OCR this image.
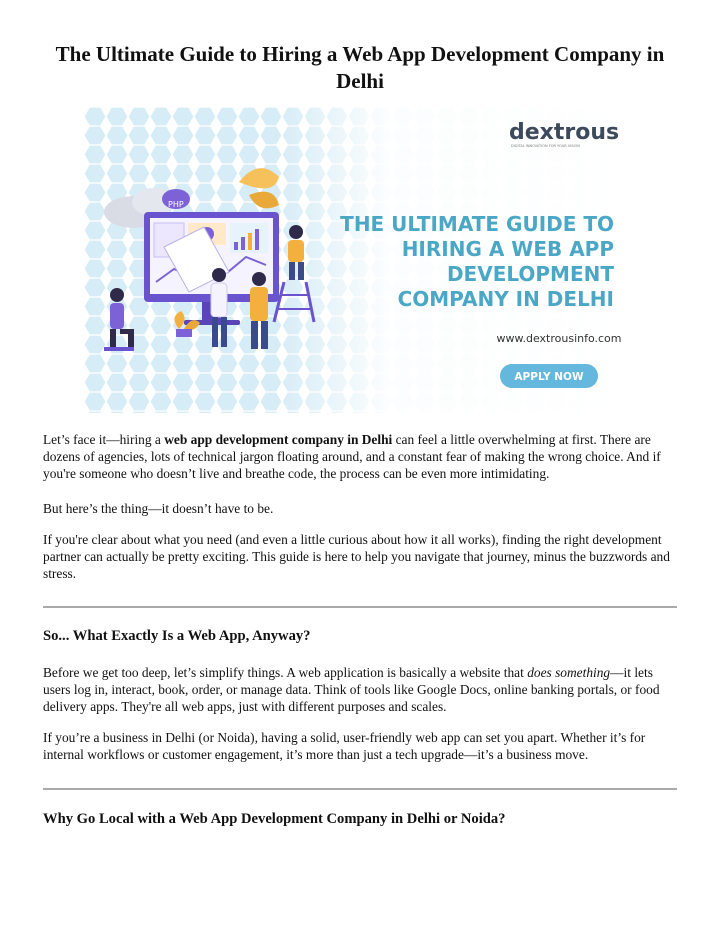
The Ultimate Guide to Hiring a Web App Development Company in Delhi
PHP
dextrous
DIGITAL INNOVATION FOR YOUR VISION
THE ULTIMATE GUIDE TO
HIRING A WEB APP
DEVELOPMENT
COMPANY IN DELHI
www.dextrousinfo.com
APPLY NOW

Let’s face it—hiring a web app development company in Delhi can feel a little overwhelming at first. There are dozens of agencies, lots of technical jargon floating around, and a constant fear of making the wrong choice. And if you're someone who doesn’t live and breathe code, the process can be even more intimidating.

But here’s the thing—it doesn’t have to be.

If you're clear about what you need (and even a little curious about how it all works), finding the right development partner can actually be pretty exciting. This guide is here to help you navigate that journey, minus the buzzwords and stress.

So... What Exactly Is a Web App, Anyway?

Before we get too deep, let’s simplify things. A web application is basically a website that does something—it lets users log in, interact, book, order, or manage data. Think of tools like Google Docs, online banking portals, or food delivery apps. They're all web apps, just with different purposes and scales.

If you’re a business in Delhi (or Noida), having a solid, user-friendly web app can set you apart. Whether it’s for internal workflows or customer engagement, it’s more than just a tech upgrade—it’s a business move.

Why Go Local with a Web App Development Company in Delhi or Noida?
